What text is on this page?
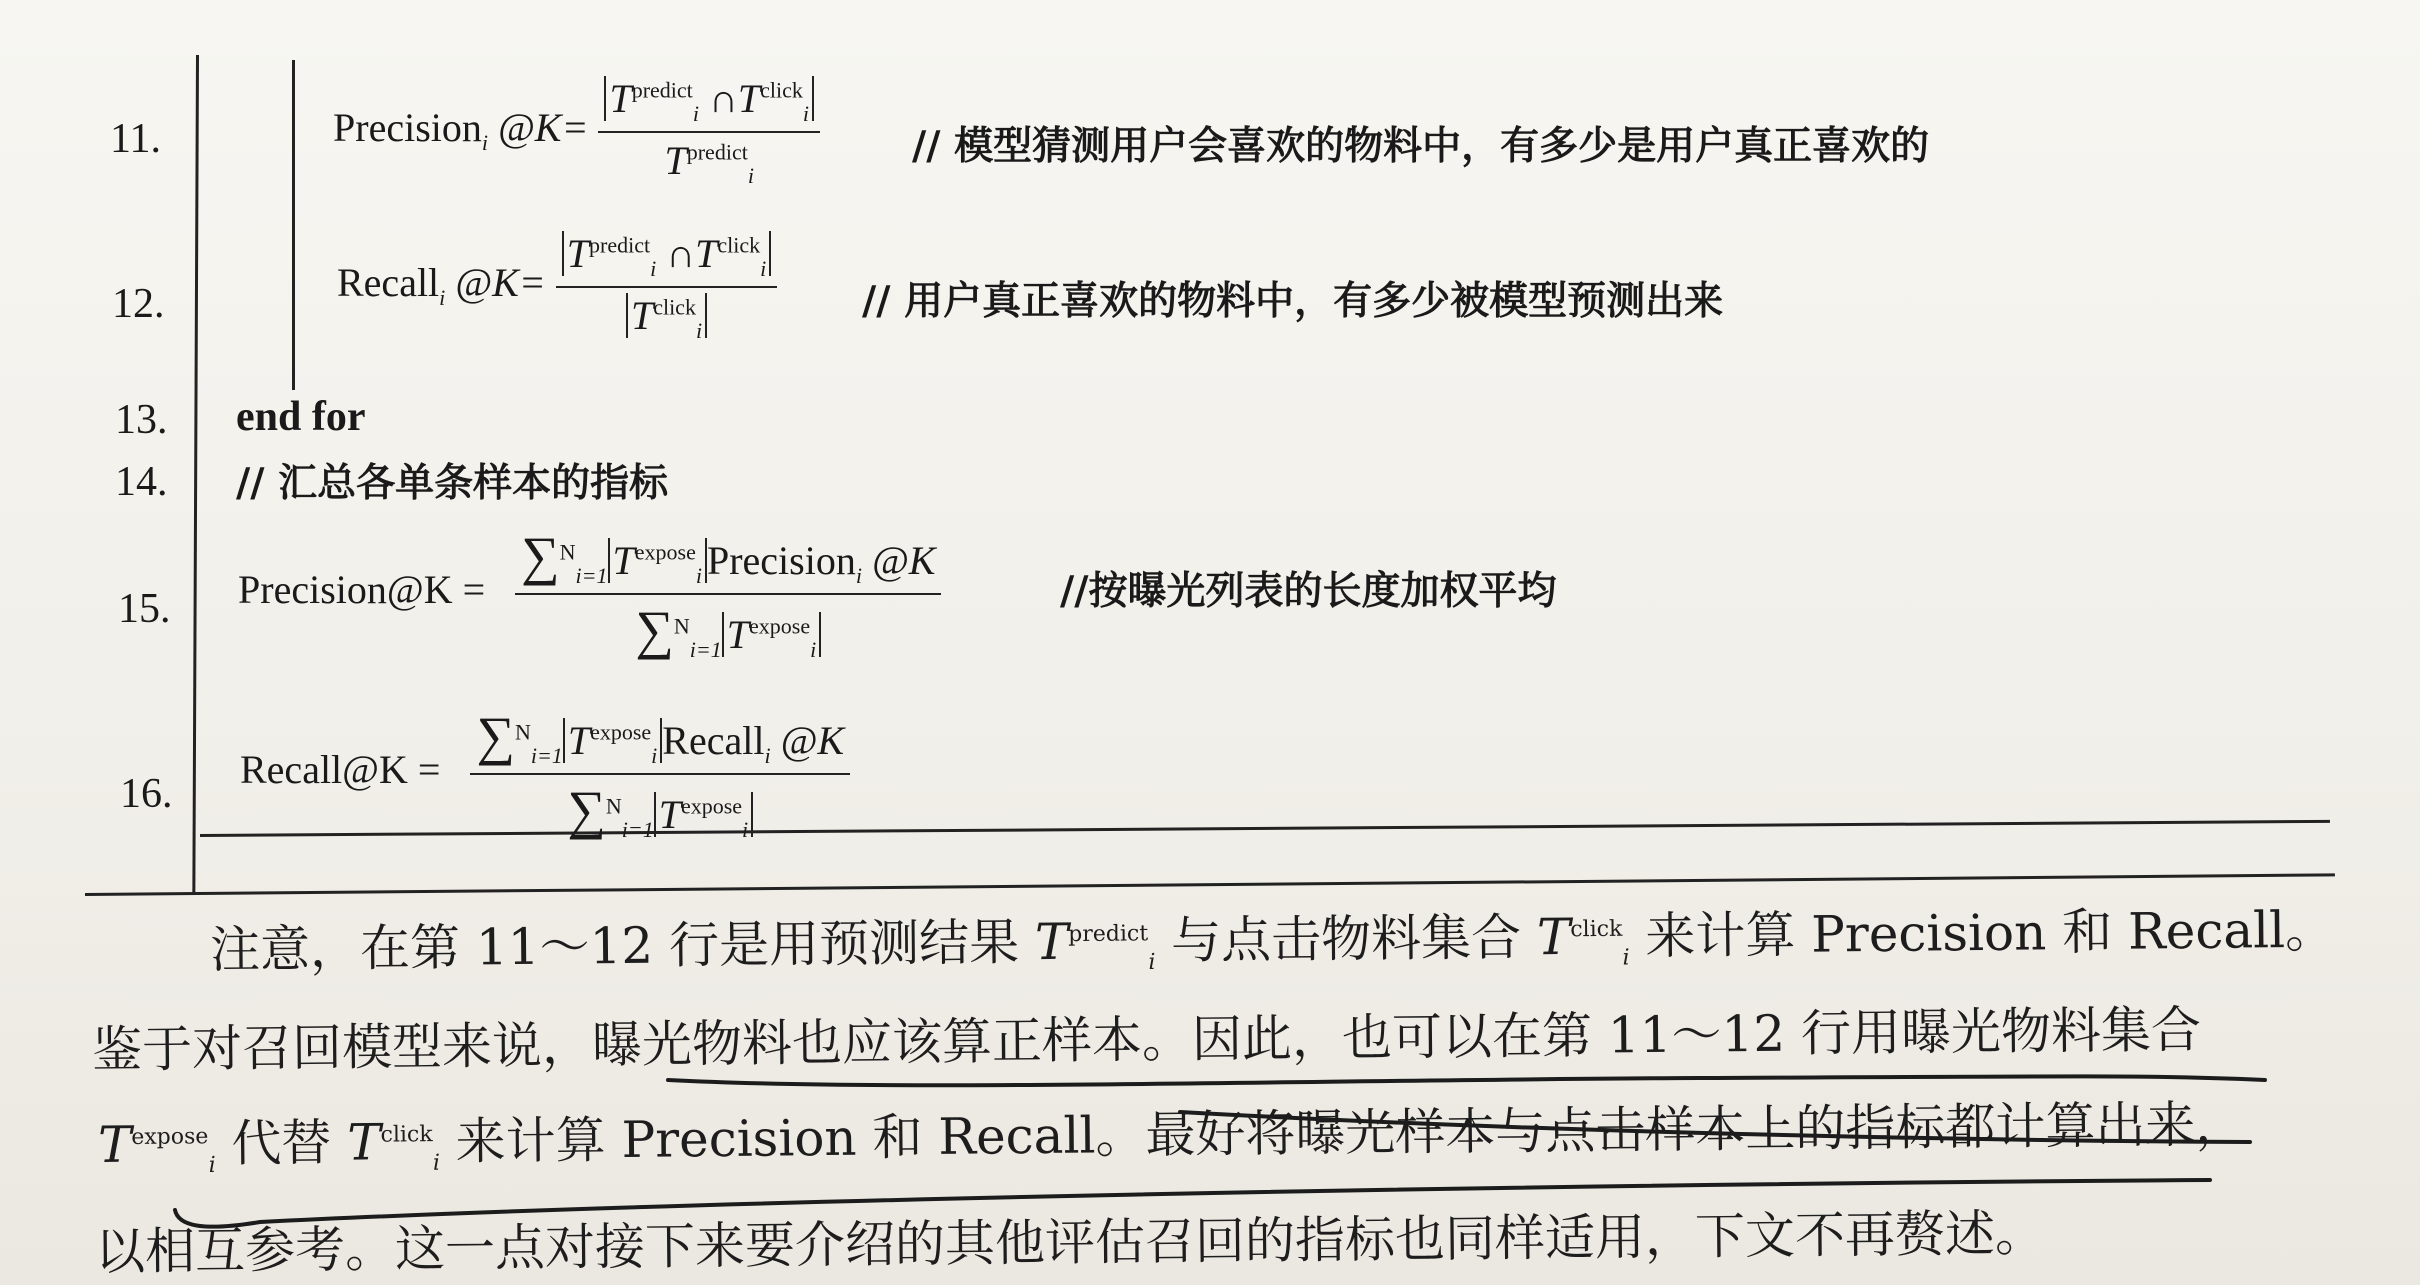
11.
12.
13.
14.
15.
16.
Precision$_i$ @K= $\frac{T^{predict}_i \cap T^{click}_i}{T^{predict}_i}$ // 模型猜测用户会喜欢的物料中，有多少是用户真正喜欢的
Recall$_i$ @K= $\frac{T^{predict}_i \cap T^{click}_i}{T^{click}_i}$ // 用户真正喜欢的物料中，有多少被模型预测出来
end for
// 汇总各单条样本的指标
Precision@K = $\frac{\sum^N_{i=1} T^{expose}_i Precision_i @K}{\sum^N_{i=1} T^{expose}_i}$	//按曝光列表的长度加权平均
Recall@K = $\frac{\sum^N_{i=1} T^{expose}_i Recall_i @K}{\sum^N_{i=1} T^{expose}_i}$
注意，在第 11～12 行是用预测结果 $T^{predict}_i$ 与点击物料集合 $T^{click}_i$ 来计算 Precision 和 Recall。
鉴于对召回模型来说，曝光物料也应该算正样本。因此，也可以在第 11～12 行用曝光物料集合
$T^{expose}_i$ 代替 $T^{click}_i$ 来计算 Precision 和 Recall。最好将曝光样本与点击样本上的指标都计算出来，
以相互参考。这一点对接下来要介绍的其他评估召回的指标也同样适用，下文不再赘述。
